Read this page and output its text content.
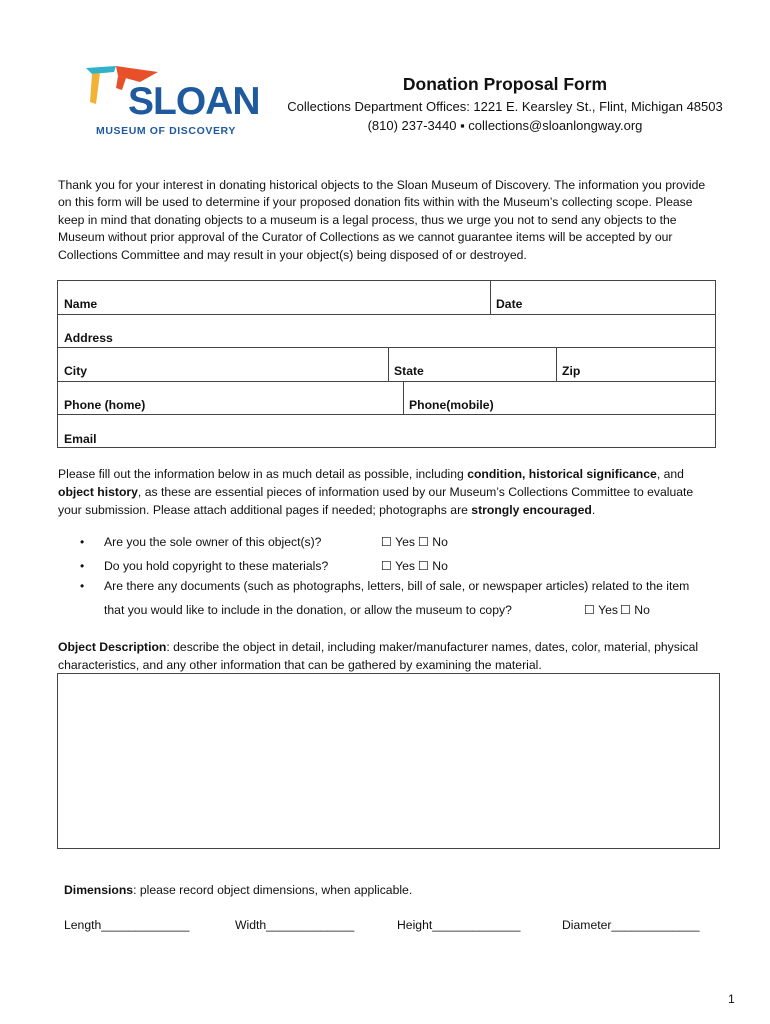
SLOAN
MUSEUM OF DISCOVERY
Donation Proposal Form
Collections Department Offices: 1221 E. Kearsley St., Flint, Michigan 48503
(810) 237-3440 ▪ collections@sloanlongway.org
Thank you for your interest in donating historical objects to the Sloan Museum of Discovery. The information you provide on this form will be used to determine if your proposed donation fits within with the Museum’s collecting scope. Please keep in mind that donating objects to a museum is a legal process, thus we urge you not to send any objects to the Museum without prior approval of the Curator of Collections as we cannot guarantee items will be accepted by our Collections Committee and may result in your object(s) being disposed of or destroyed.
Name	Date
Address
City	State	Zip
Phone (home)	Phone(mobile)
Email
Please fill out the information below in as much detail as possible, including condition, historical significance, and object history, as these are essential pieces of information used by our Museum’s Collections Committee to evaluate your submission. Please attach additional pages if needed; photographs are strongly encouraged.
• Are you the sole owner of this object(s)?	☐ Yes ☐ No
• Do you hold copyright to these materials?	☐ Yes ☐ No
• Are there any documents (such as photographs, letters, bill of sale, or newspaper articles) related to the item
that you would like to include in the donation, or allow the museum to copy?	☐ Yes ☐ No
Object Description: describe the object in detail, including maker/manufacturer names, dates, color, material, physical characteristics, and any other information that can be gathered by examining the material.
Dimensions: please record object dimensions, when applicable.
Length_____________	Width_____________	Height_____________	Diameter_____________
1
